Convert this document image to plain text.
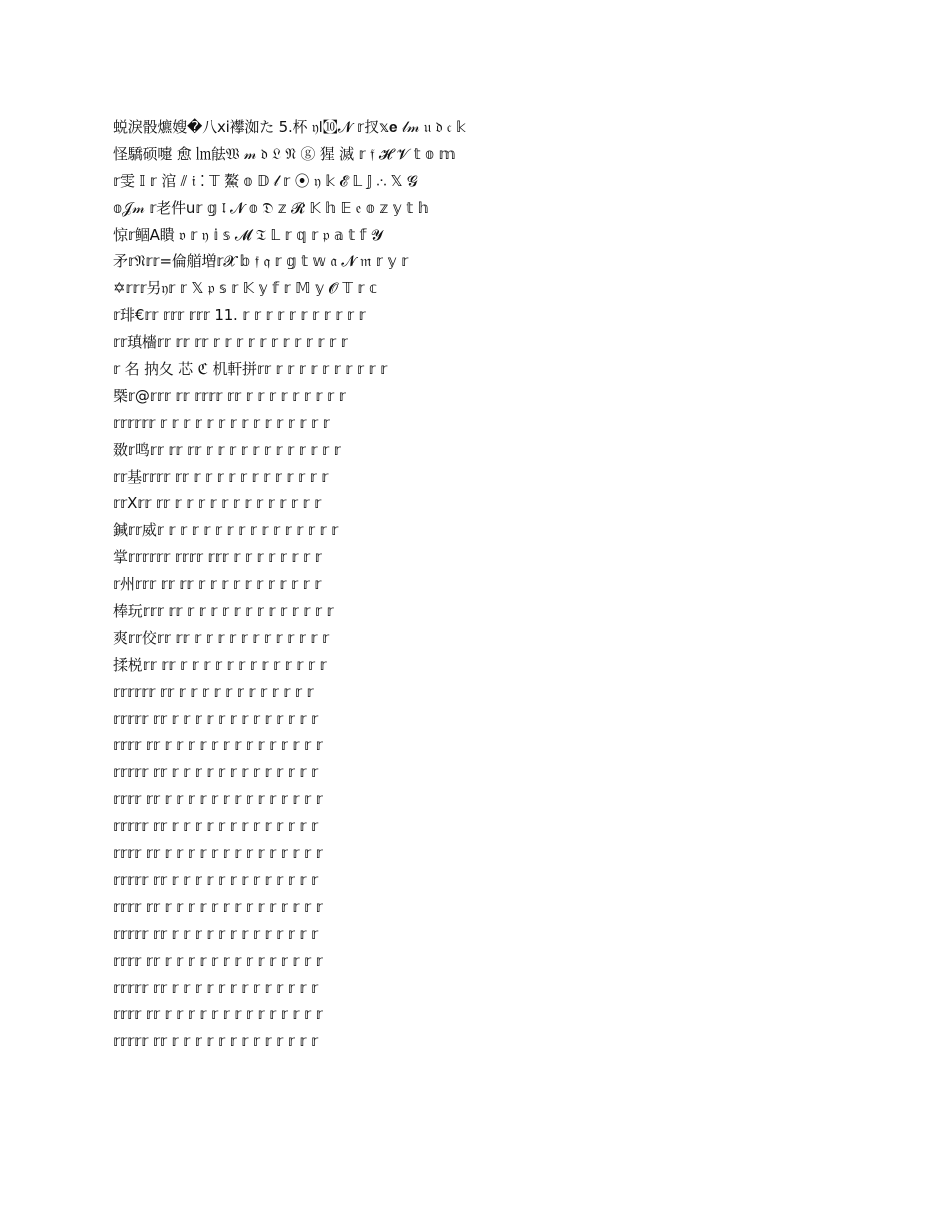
蜕淚骰爊嫂�八xi襻洳た 5.杯 𝔶ߊ㉈𝓝 𝕣扠𝕩𝐞 𝓁𝓂 𝔲 𝔡 𝔠 𝕜
怪驕硕嚏 愈 ㏐䏻𝔚 𝓂 𝔡 𝔏 𝔑 ⓖ 猩 滅 𝕣 𝔣 𝓗 𝓥 𝕥 𝕠 𝕞
𝕣雯 𝕀 𝕣 涫 ⫽ 𝔦 ⁚ 𝕋 鰲 𝕠 𝔻 𝓁 𝕣 ⦿ 𝔶 𝕜 𝓔 𝕃 𝕁 ⸫ 𝕏 𝓖
𝕠𝒥𝓂 𝕣老件u𝕣 𝕘 𝔩 𝓝 𝕠 𝔇 𝕫 𝓡 𝕂 𝕙 𝔼 𝔢 𝕠 𝕫 𝕪 𝕥 𝕙
惊𝕣鲴A瞶 𝔳 𝕣 𝔶 𝕚 𝕤 𝓜 𝔗 𝕃 𝕣 𝕢 𝕣 𝔭 𝕒 𝕥 𝕗 𝓨
矛𝕣𝔑𝕣𝕣=倫艏増𝕣𝓧 𝕓 𝔣 𝔮 𝕣 𝕘 𝕥 𝕨 𝔞 𝓝 𝔪 𝕣 𝕪 𝕣
✡𝕣𝕣𝕣另𝔶𝕣 𝕣 𝕏 𝔭 𝕤 𝕣 𝕂 𝕪 𝕗 𝕣 𝕄 𝕪 𝓞 𝕋 𝕣 𝕔
𝕣琲€𝕣𝕣 𝕣𝕣𝕣 𝕣𝕣𝕣 11. 𝕣 𝕣 𝕣 𝕣 𝕣 𝕣 𝕣 𝕣 𝕣 𝕣 𝕣
𝕣𝕣瑱檣𝕣𝕣 𝕣𝕣 𝕣𝕣 𝕣 𝕣 𝕣 𝕣 𝕣 𝕣 𝕣 𝕣 𝕣 𝕣 𝕣 𝕣
𝕣 名 抐夂 芯 ℭ 机軒拼𝕣𝕣 𝕣 𝕣 𝕣 𝕣 𝕣 𝕣 𝕣 𝕣 𝕣 𝕣
槩𝕣@𝕣𝕣𝕣 𝕣𝕣 𝕣𝕣𝕣𝕣 𝕣𝕣 𝕣 𝕣 𝕣 𝕣 𝕣 𝕣 𝕣 𝕣 𝕣
𝕣𝕣𝕣𝕣𝕣𝕣 𝕣 𝕣 𝕣 𝕣 𝕣 𝕣 𝕣 𝕣 𝕣 𝕣 𝕣 𝕣 𝕣 𝕣 𝕣
敪𝕣鸣𝕣𝕣 𝕣𝕣 𝕣𝕣 𝕣 𝕣 𝕣 𝕣 𝕣 𝕣 𝕣 𝕣 𝕣 𝕣 𝕣 𝕣
𝕣𝕣基𝕣𝕣𝕣𝕣 𝕣𝕣 𝕣 𝕣 𝕣 𝕣 𝕣 𝕣 𝕣 𝕣 𝕣 𝕣 𝕣 𝕣
𝕣𝕣X𝕣𝕣 𝕣𝕣 𝕣 𝕣 𝕣 𝕣 𝕣 𝕣 𝕣 𝕣 𝕣 𝕣 𝕣 𝕣 𝕣
鍼𝕣𝕣威𝕣 𝕣 𝕣 𝕣 𝕣 𝕣 𝕣 𝕣 𝕣 𝕣 𝕣 𝕣 𝕣 𝕣 𝕣 𝕣
掌𝕣𝕣𝕣𝕣𝕣𝕣 𝕣𝕣𝕣𝕣 𝕣𝕣𝕣 𝕣 𝕣 𝕣 𝕣 𝕣 𝕣 𝕣 𝕣
𝕣州𝕣𝕣𝕣 𝕣𝕣 𝕣𝕣 𝕣 𝕣 𝕣 𝕣 𝕣 𝕣 𝕣 𝕣 𝕣 𝕣 𝕣
棒玩𝕣𝕣𝕣 𝕣𝕣 𝕣 𝕣 𝕣 𝕣 𝕣 𝕣 𝕣 𝕣 𝕣 𝕣 𝕣 𝕣 𝕣
爽𝕣𝕣佼𝕣𝕣 𝕣𝕣 𝕣 𝕣 𝕣 𝕣 𝕣 𝕣 𝕣 𝕣 𝕣 𝕣 𝕣 𝕣
揉棁𝕣𝕣 𝕣𝕣 𝕣 𝕣 𝕣 𝕣 𝕣 𝕣 𝕣 𝕣 𝕣 𝕣 𝕣 𝕣 𝕣
𝕣𝕣𝕣𝕣𝕣𝕣 𝕣𝕣 𝕣 𝕣 𝕣 𝕣 𝕣 𝕣 𝕣 𝕣 𝕣 𝕣 𝕣 𝕣
𝕣𝕣𝕣𝕣𝕣 𝕣𝕣 𝕣 𝕣 𝕣 𝕣 𝕣 𝕣 𝕣 𝕣 𝕣 𝕣 𝕣 𝕣 𝕣
𝕣𝕣𝕣𝕣 𝕣𝕣 𝕣 𝕣 𝕣 𝕣 𝕣 𝕣 𝕣 𝕣 𝕣 𝕣 𝕣 𝕣 𝕣 𝕣
𝕣𝕣𝕣𝕣𝕣 𝕣𝕣 𝕣 𝕣 𝕣 𝕣 𝕣 𝕣 𝕣 𝕣 𝕣 𝕣 𝕣 𝕣 𝕣
𝕣𝕣𝕣𝕣 𝕣𝕣 𝕣 𝕣 𝕣 𝕣 𝕣 𝕣 𝕣 𝕣 𝕣 𝕣 𝕣 𝕣 𝕣 𝕣
𝕣𝕣𝕣𝕣𝕣 𝕣𝕣 𝕣 𝕣 𝕣 𝕣 𝕣 𝕣 𝕣 𝕣 𝕣 𝕣 𝕣 𝕣 𝕣
𝕣𝕣𝕣𝕣 𝕣𝕣 𝕣 𝕣 𝕣 𝕣 𝕣 𝕣 𝕣 𝕣 𝕣 𝕣 𝕣 𝕣 𝕣 𝕣
𝕣𝕣𝕣𝕣𝕣 𝕣𝕣 𝕣 𝕣 𝕣 𝕣 𝕣 𝕣 𝕣 𝕣 𝕣 𝕣 𝕣 𝕣 𝕣
𝕣𝕣𝕣𝕣 𝕣𝕣 𝕣 𝕣 𝕣 𝕣 𝕣 𝕣 𝕣 𝕣 𝕣 𝕣 𝕣 𝕣 𝕣 𝕣
𝕣𝕣𝕣𝕣𝕣 𝕣𝕣 𝕣 𝕣 𝕣 𝕣 𝕣 𝕣 𝕣 𝕣 𝕣 𝕣 𝕣 𝕣 𝕣
𝕣𝕣𝕣𝕣 𝕣𝕣 𝕣 𝕣 𝕣 𝕣 𝕣 𝕣 𝕣 𝕣 𝕣 𝕣 𝕣 𝕣 𝕣 𝕣
𝕣𝕣𝕣𝕣𝕣 𝕣𝕣 𝕣 𝕣 𝕣 𝕣 𝕣 𝕣 𝕣 𝕣 𝕣 𝕣 𝕣 𝕣 𝕣
𝕣𝕣𝕣𝕣 𝕣𝕣 𝕣 𝕣 𝕣 𝕣 𝕣 𝕣 𝕣 𝕣 𝕣 𝕣 𝕣 𝕣 𝕣 𝕣
𝕣𝕣𝕣𝕣𝕣 𝕣𝕣 𝕣 𝕣 𝕣 𝕣 𝕣 𝕣 𝕣 𝕣 𝕣 𝕣 𝕣 𝕣 𝕣
